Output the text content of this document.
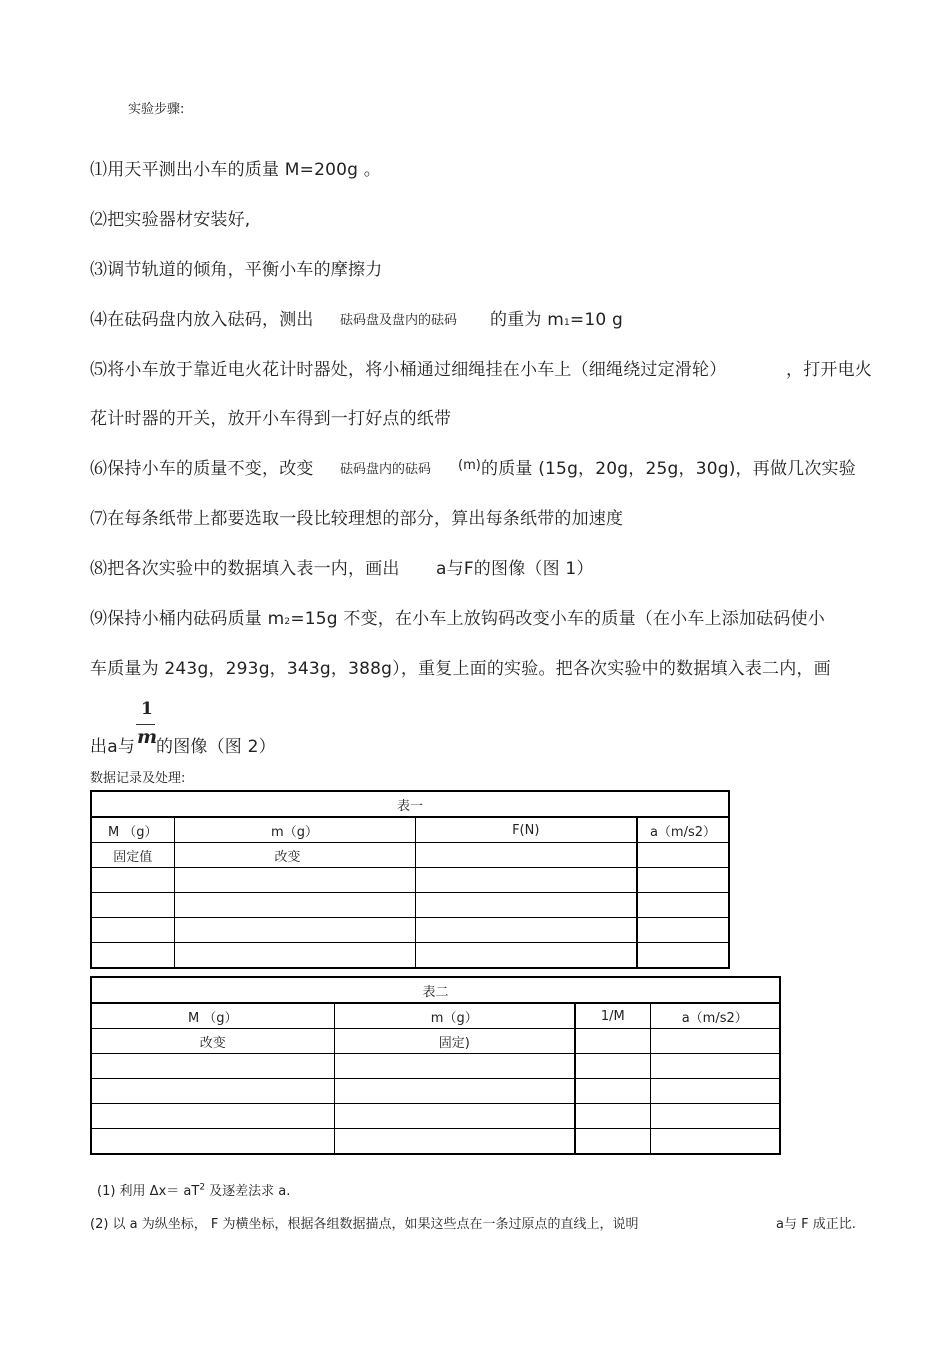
实验步骤:
⑴用天平测出小车的质量 M=200g 。
⑵把实验器材安装好,
⑶调节轨道的倾角，平衡小车的摩擦力
⑷在砝码盘内放入砝码，测出 砝码盘及盘内的砝码 的重为 m1=10 g
⑸将小车放于靠近电火花计时器处，将小桶通过细绳挂在小车上（细绳绕过定滑轮）	，打开电火
花计时器的开关，放开小车得到一打好点的纸带
⑹保持小车的质量不变，改变 砝码盘内的砝码 (m) 的质量 (15g，20g，25g，30g)，再做几次实验
⑺在每条纸带上都要选取一段比较理想的部分，算出每条纸带的加速度
⑻把各次实验中的数据填入表一内，画出 a与F的图像（图 1）
⑼保持小桶内砝码质量 m2=15g 不变，在小车上放钩码改变小车的质量（在小车上添加砝码使小
车质量为 243g，293g，343g，388g），重复上面的实验。把各次实验中的数据填入表二内，画
1
出a与 m
的图像（图 2）
数据记录及处理:
表一			
M （g）	m（g）	F(N)	a（m/s2）
固定值	改变		

表二			
M （g）	m（g）	1/M	a（m/s2）
改变	固定)		

(1) 利用 $\Delta x= aT^2$ 及逐差法求 a.
(2) 以 a 为纵坐标， F 为横坐标，根据各组数据描点，如果这些点在一条过原点的直线上，说明	a与 F 成正比.
